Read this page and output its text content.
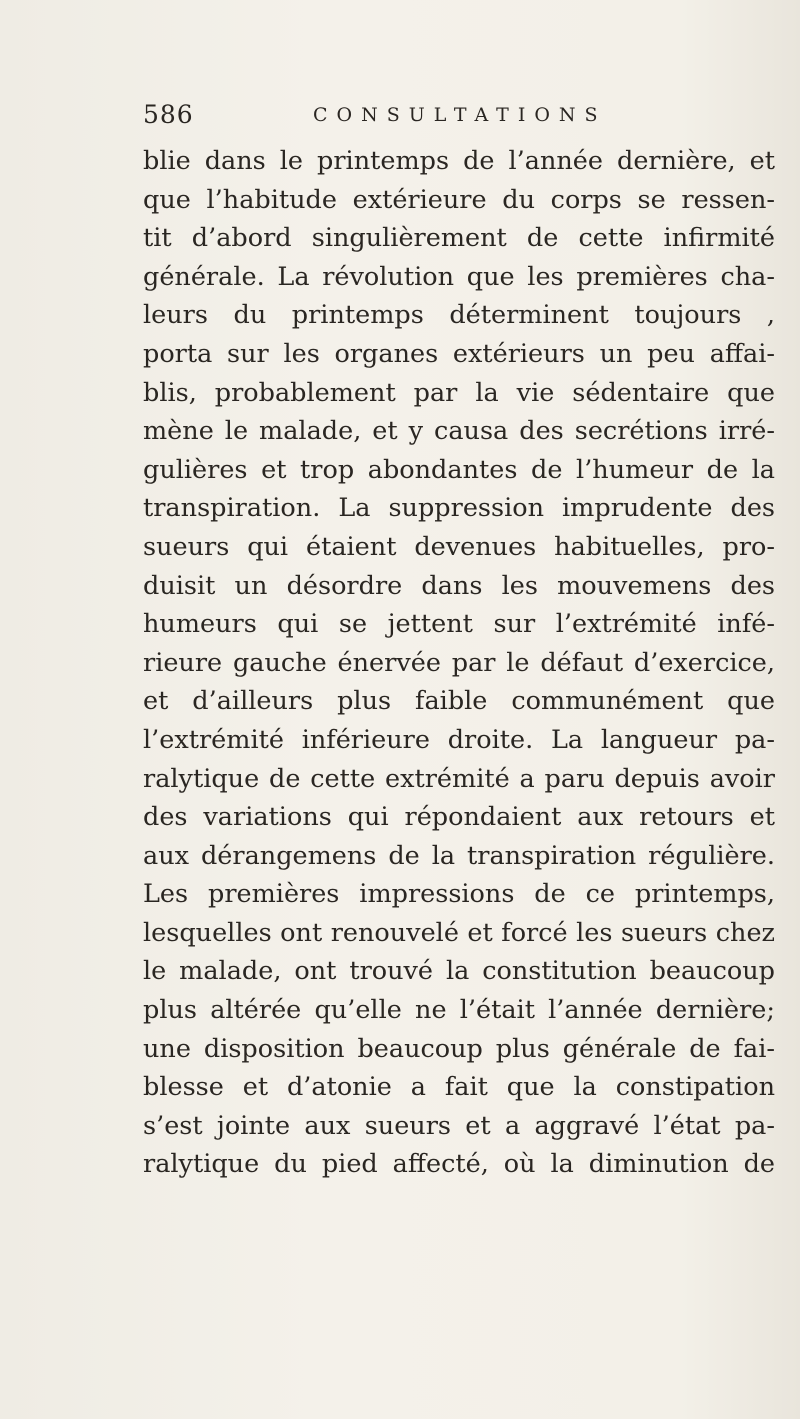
586	CONSULTATIONS
blie dans le printemps de l’année dernière, et
que l’habitude extérieure du corps se ressen-
tit d’abord singulièrement de cette infirmité
générale. La révolution que les premières cha-
leurs du printemps déterminent toujours ,
porta sur les organes extérieurs un peu affai-
blis, probablement par la vie sédentaire que
mène le malade, et y causa des secrétions irré-
gulières et trop abondantes de l’humeur de la
transpiration. La suppression imprudente des
sueurs qui étaient devenues habituelles, pro-
duisit un désordre dans les mouvemens des
humeurs qui se jettent sur l’extrémité infé-
rieure gauche énervée par le défaut d’exercice,
et d’ailleurs plus faible communément que
l’extrémité inférieure droite. La langueur pa-
ralytique de cette extrémité a paru depuis avoir
des variations qui répondaient aux retours et
aux dérangemens de la transpiration régulière.
Les premières impressions de ce printemps,
lesquelles ont renouvelé et forcé les sueurs chez
le malade, ont trouvé la constitution beaucoup
plus altérée qu’elle ne l’était l’année dernière;
une disposition beaucoup plus générale de fai-
blesse et d’atonie a fait que la constipation
s’est jointe aux sueurs et a aggravé l’état pa-
ralytique du pied affecté, où la diminution de
